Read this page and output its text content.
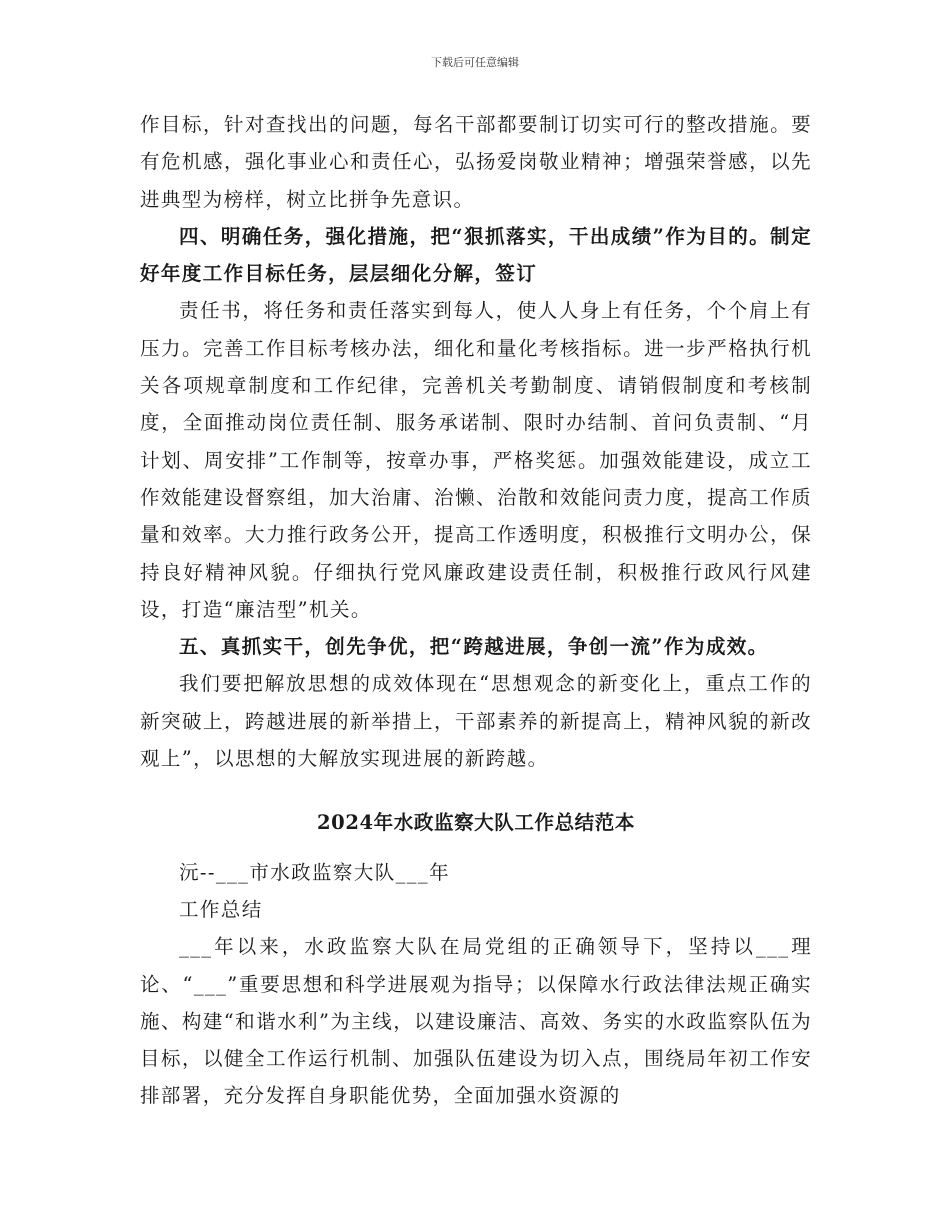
下载后可任意编辑

作目标，针对查找出的问题，每名干部都要制订切实可行的整改措施。要有危机感，强化事业心和责任心，弘扬爱岗敬业精神；增强荣誉感，以先进典型为榜样，树立比拼争先意识。

四、明确任务，强化措施，把“狠抓落实，干出成绩”作为目的。制定好年度工作目标任务，层层细化分解，签订

责任书，将任务和责任落实到每人，使人人身上有任务，个个肩上有压力。完善工作目标考核办法，细化和量化考核指标。进一步严格执行机关各项规章制度和工作纪律，完善机关考勤制度、请销假制度和考核制度，全面推动岗位责任制、服务承诺制、限时办结制、首问负责制、“月计划、周安排”工作制等，按章办事，严格奖惩。加强效能建设，成立工作效能建设督察组，加大治庸、治懒、治散和效能问责力度，提高工作质量和效率。大力推行政务公开，提高工作透明度，积极推行文明办公，保持良好精神风貌。仔细执行党风廉政建设责任制，积极推行政风行风建设，打造“廉洁型”机关。

五、真抓实干，创先争优，把“跨越进展，争创一流”作为成效。

我们要把解放思想的成效体现在“思想观念的新变化上，重点工作的新突破上，跨越进展的新举措上，干部素养的新提高上，精神风貌的新改观上”，以思想的大解放实现进展的新跨越。

2024年水政监察大队工作总结范本

沅--___市水政监察大队___年

工作总结

___年以来，水政监察大队在局党组的正确领导下，坚持以___理论、“___”重要思想和科学进展观为指导；以保障水行政法律法规正确实施、构建“和谐水利”为主线，以建设廉洁、高效、务实的水政监察队伍为目标，以健全工作运行机制、加强队伍建设为切入点，围绕局年初工作安排部署，充分发挥自身职能优势，全面加强水资源的
